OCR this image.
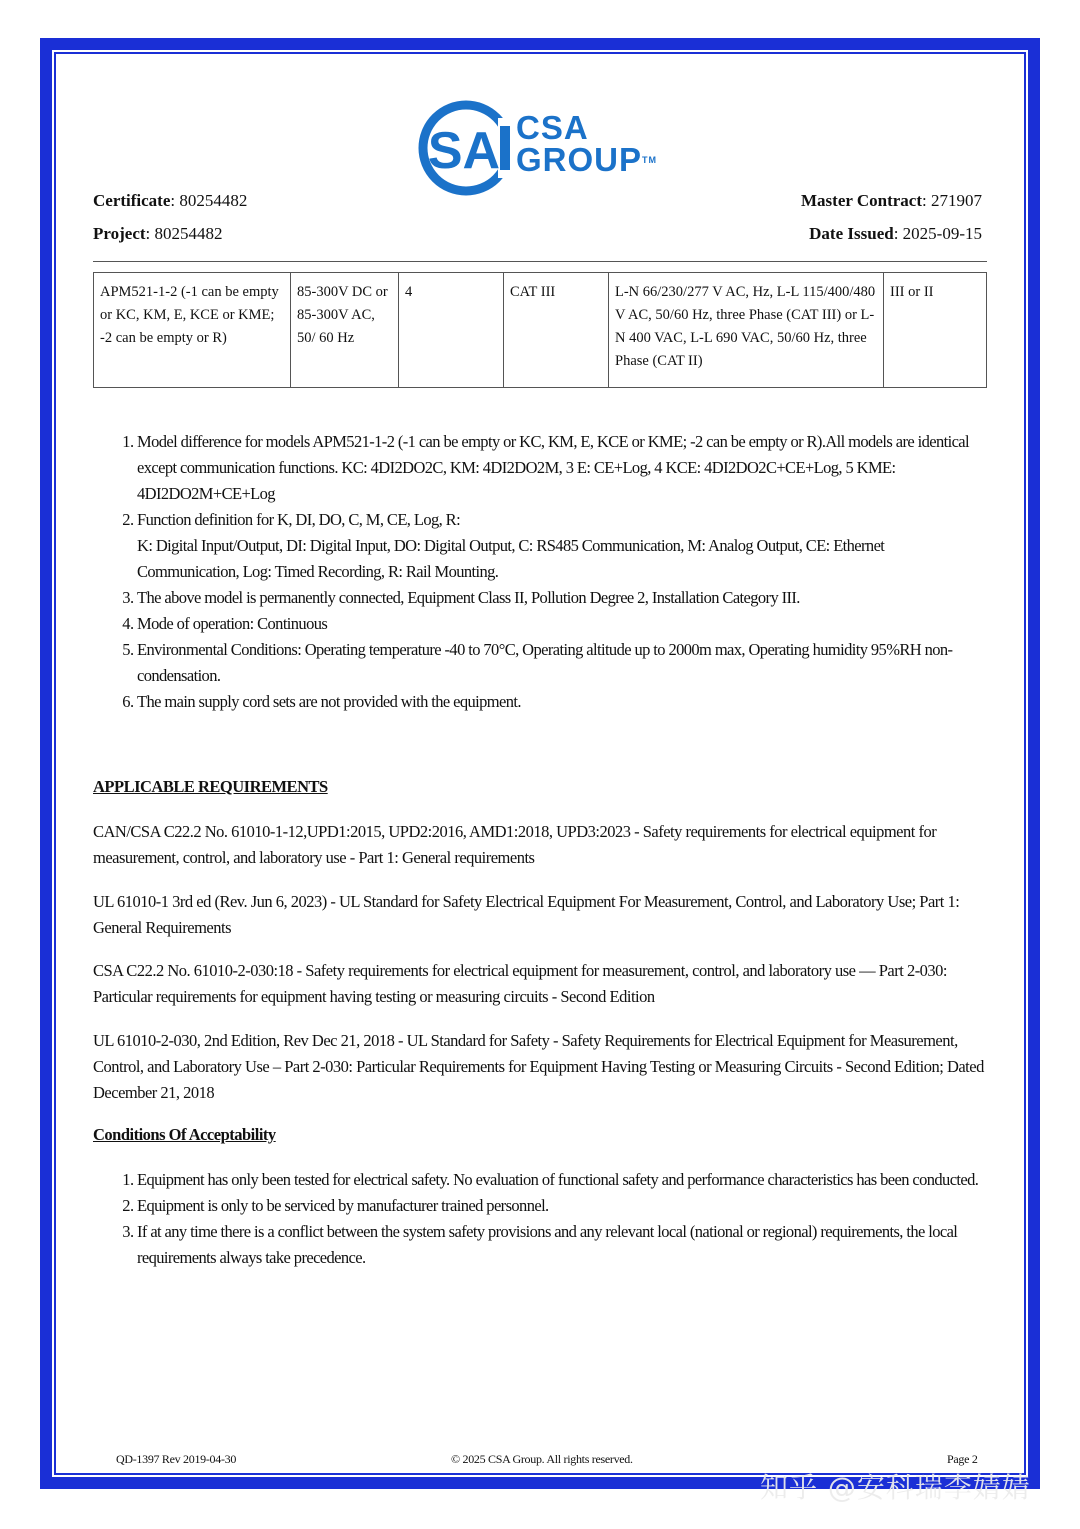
SA CSA
GROUP™
Certificate: 80254482
Project: 80254482
Master Contract: 271907
Date Issued: 2025-09-15
APM521-1-2 (-1 can be empty or KC, KM, E, KCE or KME; -2 can be empty or R)	85-300V DC or 85-300V AC, 50/ 60 Hz	4	CAT III	L-N 66/230/277 V AC, Hz, L-L 115/400/480 V AC, 50/60 Hz, three Phase (CAT III) or L-N 400 VAC, L-L 690 VAC, 50/60 Hz, three Phase (CAT II)	III or II
1. Model difference for models APM521-1-2 (-1 can be empty or KC, KM, E, KCE or KME; -2 can be empty or R).All models are identical except communication functions. KC: 4DI2DO2C, KM: 4DI2DO2M, 3 E: CE+Log, 4 KCE: 4DI2DO2C+CE+Log, 5 KME: 4DI2DO2M+CE+Log
2. Function definition for K, DI, DO, C, M, CE, Log, R:
K: Digital Input/Output, DI: Digital Input, DO: Digital Output, C: RS485 Communication, M: Analog Output, CE: Ethernet Communication, Log: Timed Recording, R: Rail Mounting.
3. The above model is permanently connected, Equipment Class II, Pollution Degree 2, Installation Category III.
4. Mode of operation: Continuous
5. Environmental Conditions: Operating temperature -40 to 70°C, Operating altitude up to 2000m max, Operating humidity 95%RH non-condensation.
6. The main supply cord sets are not provided with the equipment.
APPLICABLE REQUIREMENTS

CAN/CSA C22.2 No. 61010-1-12,UPD1:2015, UPD2:2016, AMD1:2018, UPD3:2023 - Safety requirements for electrical equipment for measurement, control, and laboratory use - Part 1: General requirements

UL 61010-1 3rd ed (Rev. Jun 6, 2023) - UL Standard for Safety Electrical Equipment For Measurement, Control, and Laboratory Use; Part 1: General Requirements

CSA C22.2 No. 61010-2-030:18 - Safety requirements for electrical equipment for measurement, control, and laboratory use — Part 2-030: Particular requirements for equipment having testing or measuring circuits - Second Edition

UL 61010-2-030, 2nd Edition, Rev Dec 21, 2018 - UL Standard for Safety - Safety Requirements for Electrical Equipment for Measurement, Control, and Laboratory Use – Part 2-030: Particular Requirements for Equipment Having Testing or Measuring Circuits - Second Edition; Dated December 21, 2018

Conditions Of Acceptability
1. Equipment has only been tested for electrical safety. No evaluation of functional safety and performance characteristics has been conducted.
2. Equipment is only to be serviced by manufacturer trained personnel.
3. If at any time there is a conflict between the system safety provisions and any relevant local (national or regional) requirements, the local requirements always take precedence.
QD-1397 Rev 2019-04-30	© 2025 CSA Group. All rights reserved.	Page 2
知乎 @安科瑞李婧婧
